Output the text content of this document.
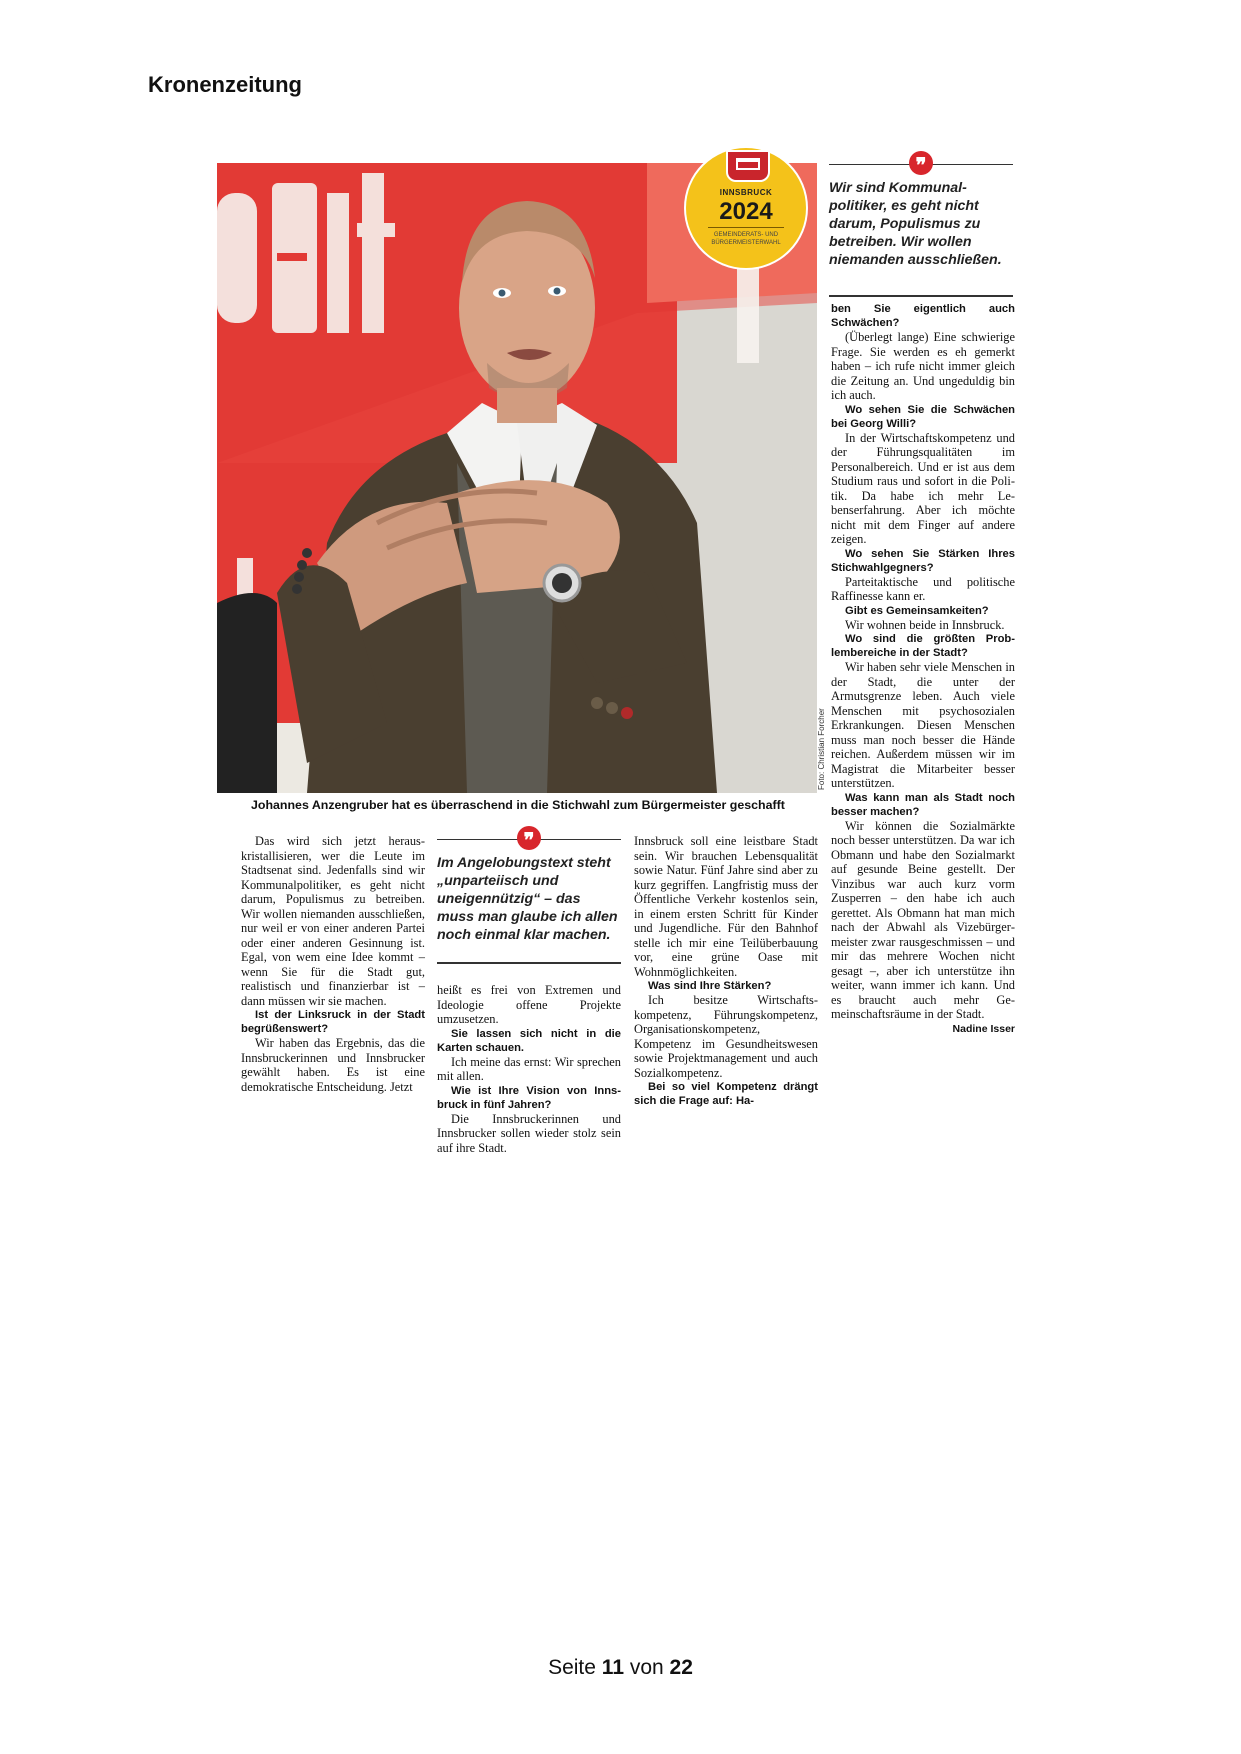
Kronenzeitung
Foto: Christian Forcher
INNSBRUCK
2024
GEMEINDERATS- UND
BÜRGERMEISTERWAHL
Johannes Anzengruber hat es überraschend in die Stichwahl zum Bürgermeister geschafft
❞
Wir sind Kommunalpolitiker, es geht nicht darum, Populismus zu betreiben. Wir wollen niemanden ausschließen.

Das wird sich jetzt herauskristallisieren, wer die Leute im Stadtsenat sind. Jedenfalls sind wir Kommunalpolitiker, es geht nicht darum, Populismus zu betreiben. Wir wollen niemanden ausschließen, nur weil er von einer anderen Partei oder einer anderen Gesinnung ist. Egal, von wem eine Idee kommt – wenn Sie für die Stadt gut, realistisch und finanzierbar ist – dann müssen wir sie machen.

Ist der Linksruck in der Stadt begrüßenswert?

Wir haben das Ergebnis, das die Innsbruckerinnen und Innsbrucker gewählt haben. Es ist eine demokratische Entscheidung. Jetzt

❞
Im Angelobungstext steht „unparteiisch und uneigennützig“ – das muss man glaube ich allen noch einmal klar machen.

heißt es frei von Extremen und Ideologie offene Projekte umzusetzen.

Sie lassen sich nicht in die Karten schauen.

Ich meine das ernst: Wir sprechen mit allen.

Wie ist Ihre Vision von Innsbruck in fünf Jahren?

Die Innsbruckerinnen und Innsbrucker sollen wieder stolz sein auf ihre Stadt.

Innsbruck soll eine leistbare Stadt sein. Wir brauchen Lebensqualität sowie Natur. Fünf Jahre sind aber zu kurz gegriffen. Langfristig muss der Öffentliche Verkehr kostenlos sein, in einem ersten Schritt für Kinder und Jugendliche. Für den Bahnhof stelle ich mir eine Teilüberbauung vor, eine grüne Oase mit Wohnmöglichkeiten.

Was sind Ihre Stärken?

Ich besitze Wirtschaftskompetenz, Führungskompetenz, Organisationskompetenz, Kompetenz im Gesundheitswesen sowie Projektmanagement und auch Sozialkompetenz.

Bei so viel Kompetenz drängt sich die Frage auf: Ha-

ben Sie eigentlich auch Schwächen?

(Überlegt lange) Eine schwierige Frage. Sie werden es eh gemerkt haben – ich rufe nicht immer gleich die Zeitung an. Und ungeduldig bin ich auch.

Wo sehen Sie die Schwächen bei Georg Willi?

In der Wirtschaftskompetenz und der Führungsqualitäten im Personalbereich. Und er ist aus dem Studium raus und sofort in die Politik. Da habe ich mehr Lebenserfahrung. Aber ich möchte nicht mit dem Finger auf andere zeigen.

Wo sehen Sie Stärken Ihres Stichwahlgegners?

Parteitaktische und politische Raffinesse kann er.

Gibt es Gemeinsamkeiten?

Wir wohnen beide in Innsbruck.

Wo sind die größten Problembereiche in der Stadt?

Wir haben sehr viele Menschen in der Stadt, die unter der Armutsgrenze leben. Auch viele Menschen mit psychosozialen Erkrankungen. Diesen Menschen muss man noch besser die Hände reichen. Außerdem müssen wir im Magistrat die Mitarbeiter besser unterstützen.

Was kann man als Stadt noch besser machen?

Wir können die Sozialmärkte noch besser unterstützen. Da war ich Obmann und habe den Sozialmarkt auf gesunde Beine gestellt. Der Vinzibus war auch kurz vorm Zusperren – den habe ich auch gerettet. Als Obmann hat man mich nach der Abwahl als Vizebürgermeister zwar rausgeschmissen – und mir das mehrere Wochen nicht gesagt –, aber ich unterstütze ihn weiter, wann immer ich kann. Und es braucht auch mehr Gemeinschaftsräume in der Stadt.
Nadine Isser

Seite 11 von 22
